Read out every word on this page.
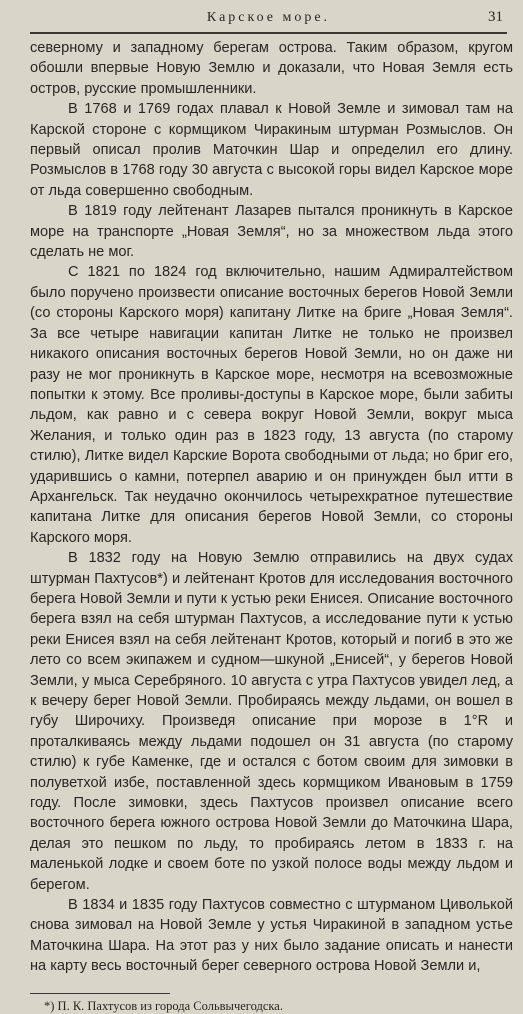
Карское море.	31

северному и западному берегам острова. Таким образом, кругом обошли впервые Новую Землю и доказали, что Новая Земля есть остров, русские промышленники.

В 1768 и 1769 годах плавал к Новой Земле и зимовал там на Карской стороне с кормщиком Чиракиным штурман Розмыслов. Он первый описал пролив Маточкин Шар и определил его длину. Розмыслов в 1768 году 30 августа с высокой горы видел Карское море от льда совершенно свободным.

В 1819 году лейтенант Лазарев пытался проникнуть в Карское море на транспорте „Новая Земля“, но за множеством льда этого сделать не мог.

С 1821 по 1824 год включительно, нашим Адмиралтейством было поручено произвести описание восточных берегов Новой Земли (со стороны Карского моря) капитану Литке на бриге „Новая Земля“. За все четыре навигации капитан Литке не только не произвел никакого описания восточных берегов Новой Земли, но он даже ни разу не мог проникнуть в Карское море, несмотря на всевозможные попытки к этому. Все проливы-доступы в Карское море, были забиты льдом, как равно и с севера вокруг Новой Земли, вокруг мыса Желания, и только один раз в 1823 году, 13 августа (по старому стилю), Литке видел Карские Ворота свободными от льда; но бриг его, ударившись о камни, потерпел аварию и он принужден был итти в Архангельск. Так неудачно окончилось четырехкратное путешествие капитана Литке для описания берегов Новой Земли, со стороны Карского моря.

В 1832 году на Новую Землю отправились на двух судах штурман Пахтусов*) и лейтенант Кротов для исследования восточного берега Новой Земли и пути к устью реки Енисея. Описание восточного берега взял на себя штурман Пахтусов, а исследование пути к устью реки Енисея взял на себя лейтенант Кротов, который и погиб в это же лето со всем экипажем и судном—шкуной „Енисей“, у берегов Новой Земли, у мыса Серебряного. 10 августа с утра Пахтусов увидел лед, а к вечеру берег Новой Земли. Пробираясь между льдами, он вошел в губу Широчиху. Произведя описание при морозе в 1°R и проталкиваясь между льдами подошел он 31 августа (по старому стилю) к губе Каменке, где и остался с ботом своим для зимовки в полуветхой избе, поставленной здесь кормщиком Ивановым в 1759 году. После зимовки, здесь Пахтусов произвел описание всего восточного берега южного острова Новой Земли до Маточкина Шара, делая это пешком по льду, то пробираясь летом в 1833 г. на маленькой лодке и своем боте по узкой полосе воды между льдом и берегом.

В 1834 и 1835 году Пахтусов совместно с штурманом Циволькой снова зимовал на Новой Земле у устья Чиракиной в западном устье Маточкина Шара. На этот раз у них было задание описать и нанести на карту весь восточный берег северного острова Новой Земли и,

*) П. К. Пахтусов из города Сольвычегодска.
